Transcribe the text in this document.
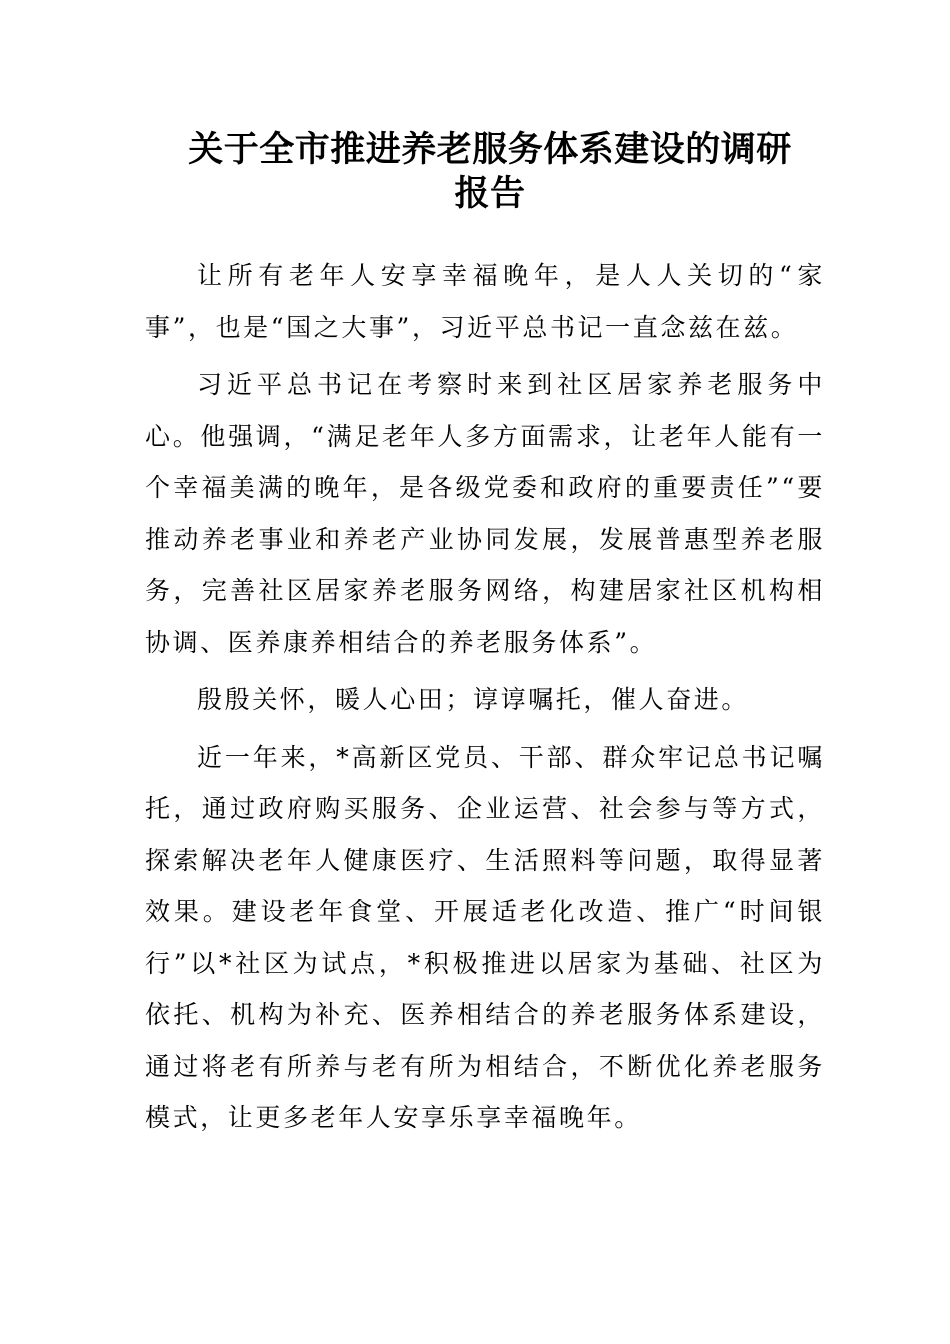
关于全市推进养老服务体系建设的调研
报告

让所有老年人安享幸福晚年，是人人关切的“家事”，也是“国之大事”，习近平总书记一直念兹在兹。

习近平总书记在考察时来到社区居家养老服务中心。他强调，“满足老年人多方面需求，让老年人能有一个幸福美满的晚年，是各级党委和政府的重要责任”“要推动养老事业和养老产业协同发展，发展普惠型养老服务，完善社区居家养老服务网络，构建居家社区机构相协调、医养康养相结合的养老服务体系”。

殷殷关怀，暖人心田；谆谆嘱托，催人奋进。

近一年来，*高新区党员、干部、群众牢记总书记嘱托，通过政府购买服务、企业运营、社会参与等方式，探索解决老年人健康医疗、生活照料等问题，取得显著效果。建设老年食堂、开展适老化改造、推广“时间银行”以*社区为试点，*积极推进以居家为基础、社区为依托、机构为补充、医养相结合的养老服务体系建设，通过将老有所养与老有所为相结合，不断优化养老服务模式，让更多老年人安享乐享幸福晚年。
